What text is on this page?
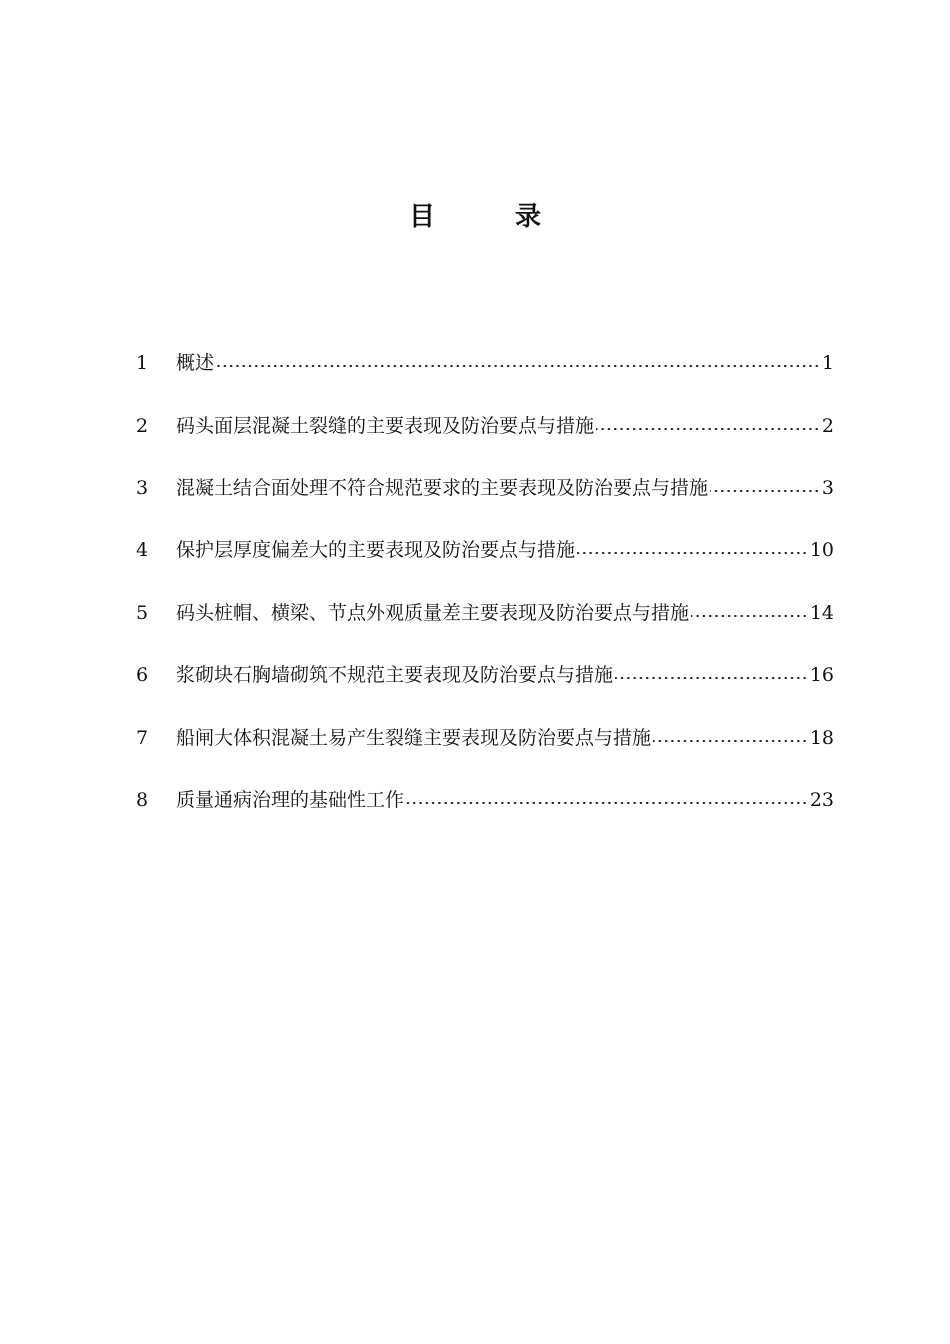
目	录
1	概述	1
2	码头面层混凝土裂缝的主要表现及防治要点与措施	2
3	混凝土结合面处理不符合规范要求的主要表现及防治要点与措施	3
4	保护层厚度偏差大的主要表现及防治要点与措施	10
5	码头桩帽、横梁、节点外观质量差主要表现及防治要点与措施	14
6	浆砌块石胸墙砌筑不规范主要表现及防治要点与措施	16
7	船闸大体积混凝土易产生裂缝主要表现及防治要点与措施	18
8	质量通病治理的基础性工作	23
